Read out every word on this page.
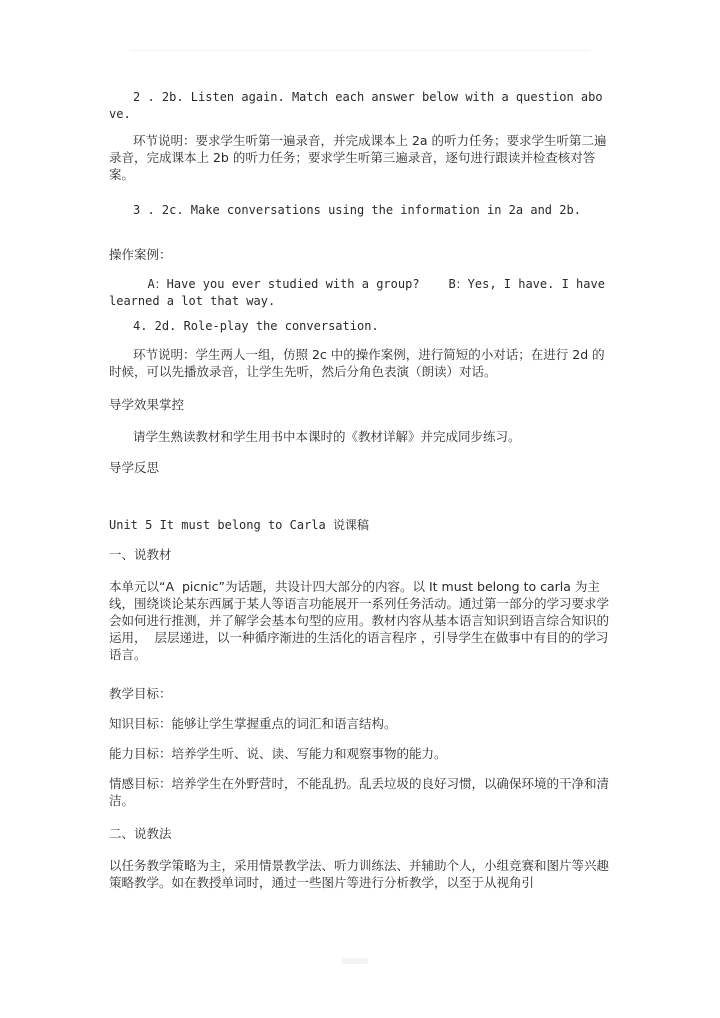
2 . 2b. Listen again. Match each answer below with a question above.

环节说明：要求学生听第一遍录音，并完成课本上 2a 的听力任务；要求学生听第二遍录音，完成课本上 2b 的听力任务；要求学生听第三遍录音，逐句进行跟读并检查核对答案。

3 . 2c. Make conversations using the information in 2a and 2b.

操作案例：

A：Have you ever studied with a group?    B：Yes, I have. I have learned a lot that way.

4. 2d. Role-play the conversation.

环节说明：学生两人一组，仿照 2c 中的操作案例，进行简短的小对话；在进行 2d 的时候，可以先播放录音，让学生先听，然后分角色表演（朗读）对话。

导学效果掌控

请学生熟读教材和学生用书中本课时的《教材详解》并完成同步练习。

导学反思

Unit 5 It must belong to Carla 说课稿

一、说教材

本单元以“A  picnic”为话题，共设计四大部分的内容。以 It must belong to carla 为主线，围绕谈论某东西属于某人等语言功能展开一系列任务活动。通过第一部分的学习要求学会如何进行推测，并了解学会基本句型的应用。教材内容从基本语言知识到语言综合知识的运用，  层层递进，以一种循序渐进的生活化的语言程序 ，引导学生在做事中有目的的学习语言。

教学目标：

知识目标：能够让学生掌握重点的词汇和语言结构。

能力目标：培养学生听、说、读、写能力和观察事物的能力。

情感目标：培养学生在外野营时，不能乱扔。乱丢垃圾的良好习惯，以确保环境的干净和清洁。

二、说教法

以任务教学策略为主，采用情景教学法、听力训练法、并辅助个人，小组竞赛和图片等兴趣策略教学。如在教授单词时，通过一些图片等进行分析教学，以至于从视角引
